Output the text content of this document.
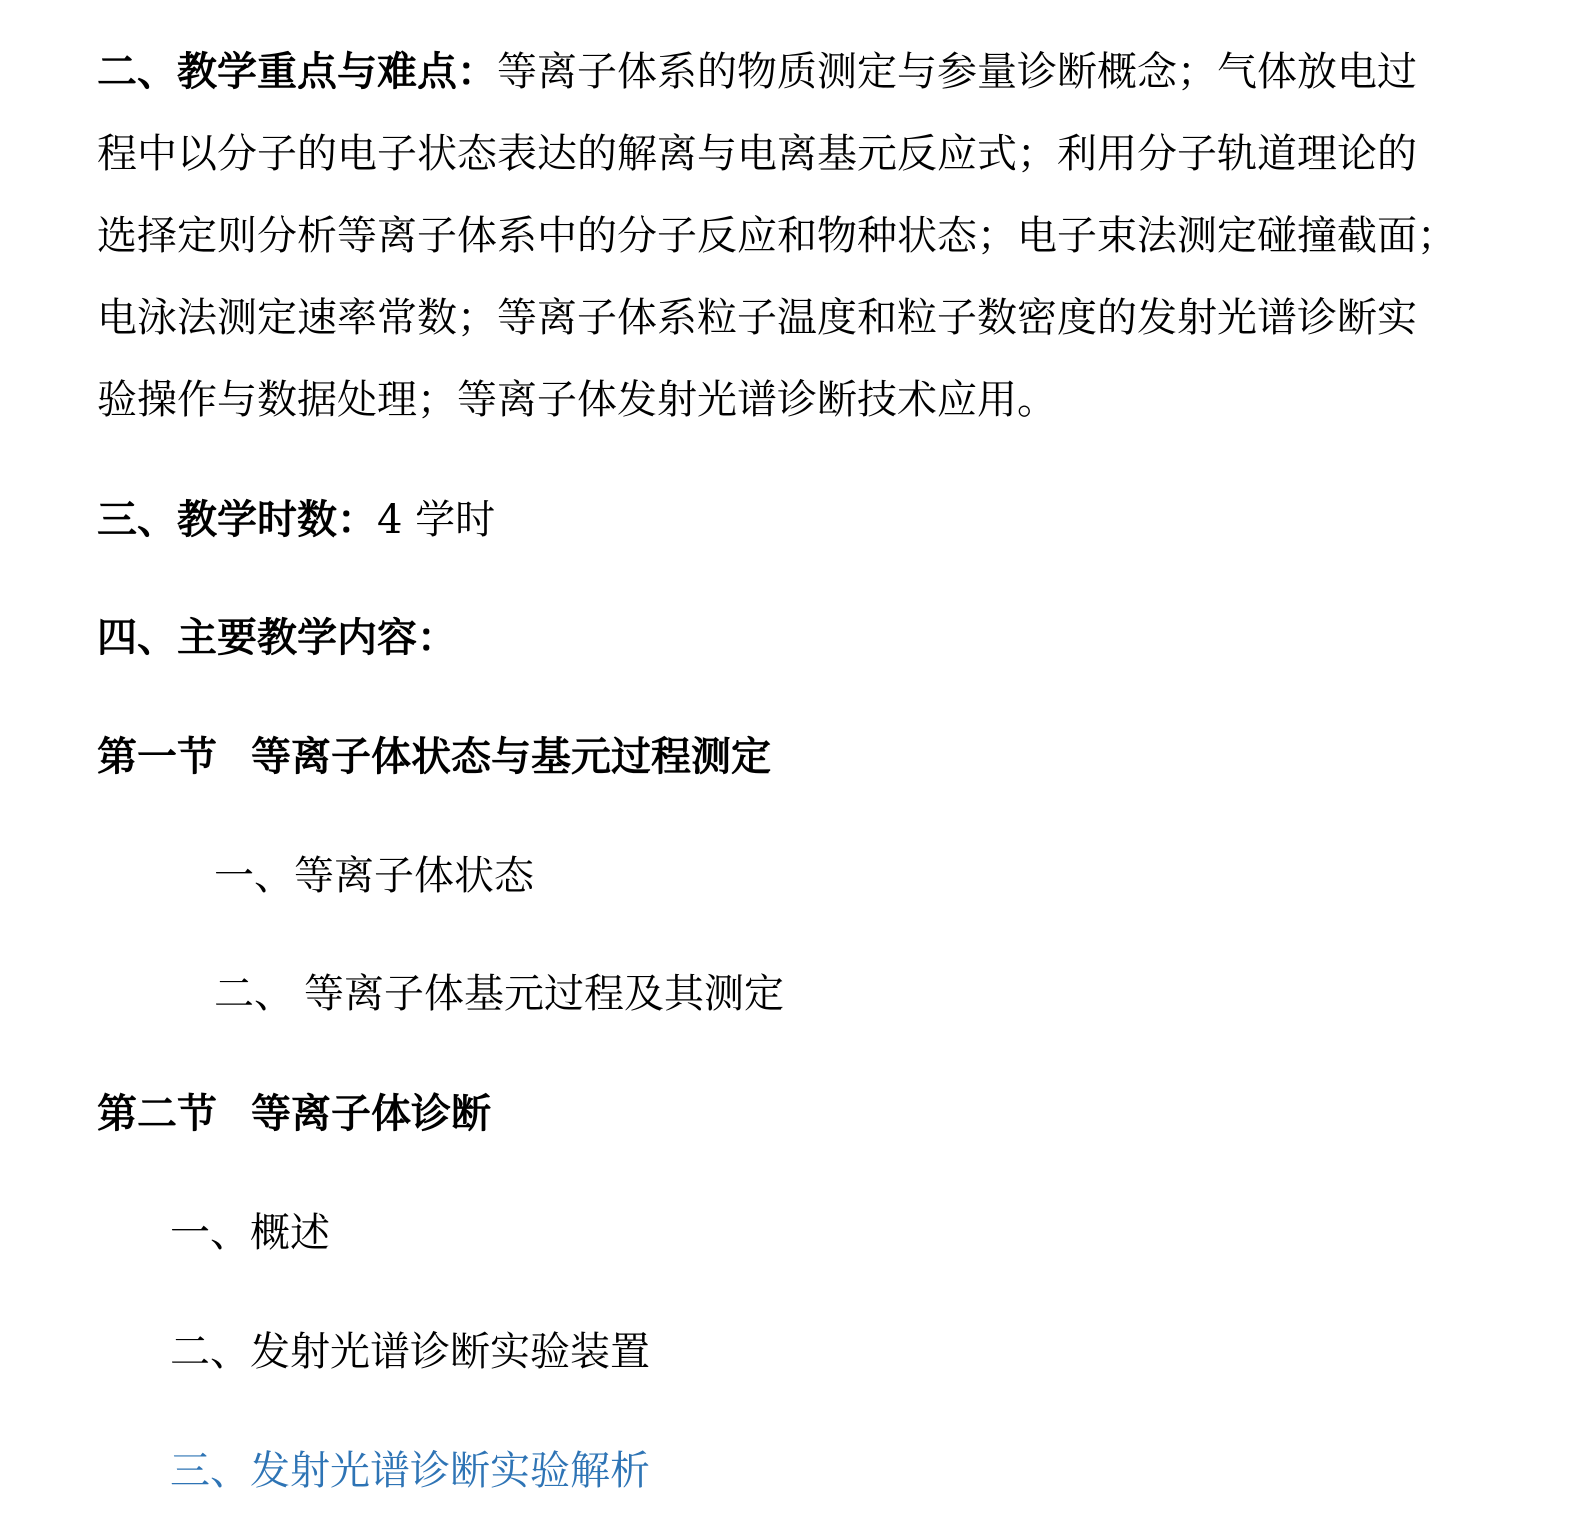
二、教学重点与难点：等离子体系的物质测定与参量诊断概念；气体放电过
程中以分子的电子状态表达的解离与电离基元反应式；利用分子轨道理论的
选择定则分析等离子体系中的分子反应和物种状态；电子束法测定碰撞截面；
电泳法测定速率常数；等离子体系粒子温度和粒子数密度的发射光谱诊断实
验操作与数据处理；等离子体发射光谱诊断技术应用。
三、教学时数：4 学时
四、主要教学内容：
第一节 等离子体状态与基元过程测定
一、等离子体状态
二、 等离子体基元过程及其测定
第二节 等离子体诊断
一、概述
二、发射光谱诊断实验装置
三、发射光谱诊断实验解析
